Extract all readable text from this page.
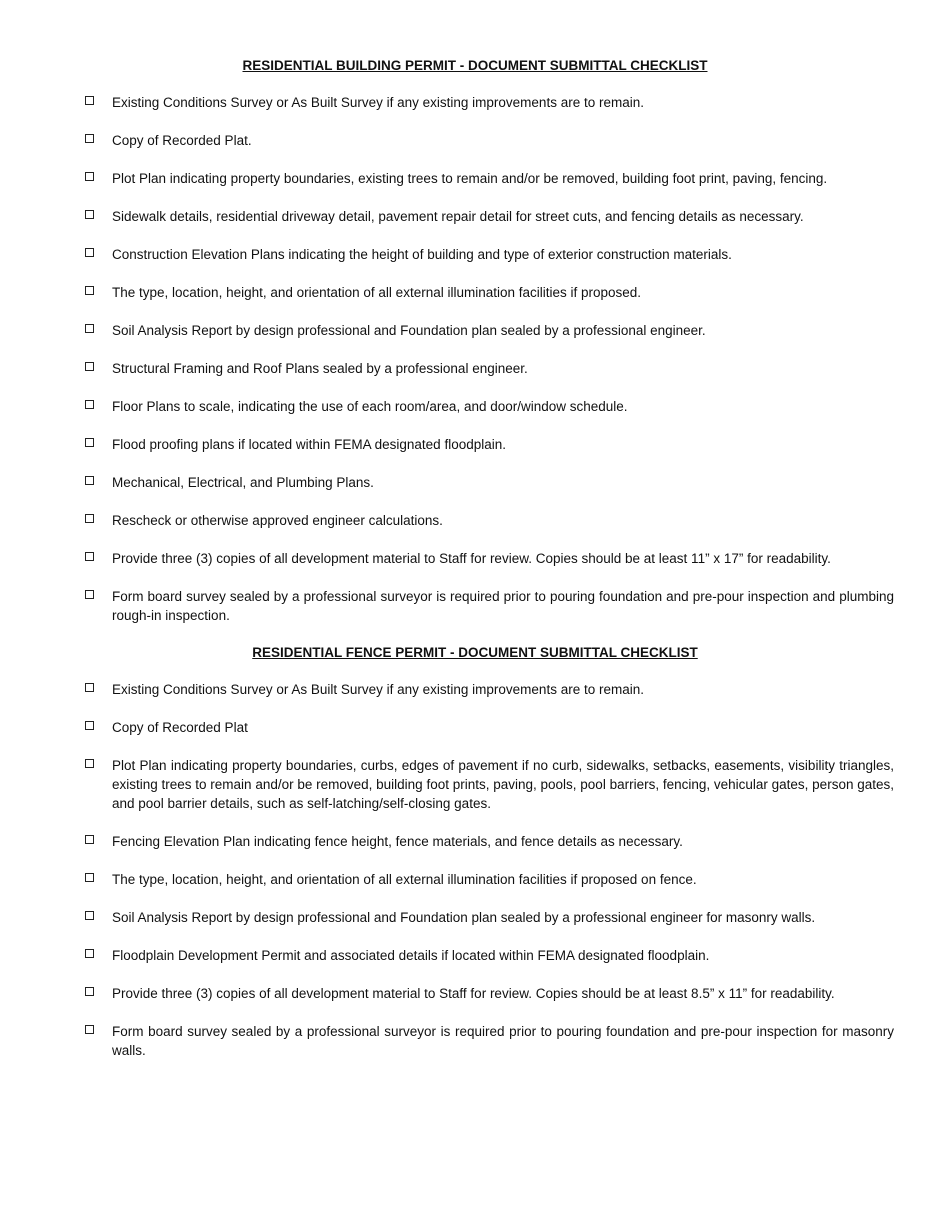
RESIDENTIAL BUILDING PERMIT - DOCUMENT SUBMITTAL CHECKLIST
Existing Conditions Survey or As Built Survey if any existing improvements are to remain.
Copy of Recorded Plat.
Plot Plan indicating property boundaries, existing trees to remain and/or be removed, building foot print, paving, fencing.
Sidewalk details, residential driveway detail, pavement repair detail for street cuts, and fencing details as necessary.
Construction Elevation Plans indicating the height of building and type of exterior construction materials.
The type, location, height, and orientation of all external illumination facilities if proposed.
Soil Analysis Report by design professional and Foundation plan sealed by a professional engineer.
Structural Framing and Roof Plans sealed by a professional engineer.
Floor Plans to scale, indicating the use of each room/area, and door/window schedule.
Flood proofing plans if located within FEMA designated floodplain.
Mechanical, Electrical, and Plumbing Plans.
Rescheck or otherwise approved engineer calculations.
Provide three (3) copies of all development material to Staff for review. Copies should be at least 11” x 17” for readability.
Form board survey sealed by a professional surveyor is required prior to pouring foundation and pre-pour inspection and plumbing rough-in inspection.
RESIDENTIAL FENCE PERMIT - DOCUMENT SUBMITTAL CHECKLIST
Existing Conditions Survey or As Built Survey if any existing improvements are to remain.
Copy of Recorded Plat
Plot Plan indicating property boundaries, curbs, edges of pavement if no curb, sidewalks, setbacks, easements, visibility triangles, existing trees to remain and/or be removed, building foot prints, paving, pools, pool barriers, fencing, vehicular gates, person gates, and pool barrier details, such as self-latching/self-closing gates.
Fencing Elevation Plan indicating fence height, fence materials, and fence details as necessary.
The type, location, height, and orientation of all external illumination facilities if proposed on fence.
Soil Analysis Report by design professional and Foundation plan sealed by a professional engineer for masonry walls.
Floodplain Development Permit and associated details if located within FEMA designated floodplain.
Provide three (3) copies of all development material to Staff for review. Copies should be at least 8.5” x 11” for readability.
Form board survey sealed by a professional surveyor is required prior to pouring foundation and pre-pour inspection for masonry walls.
